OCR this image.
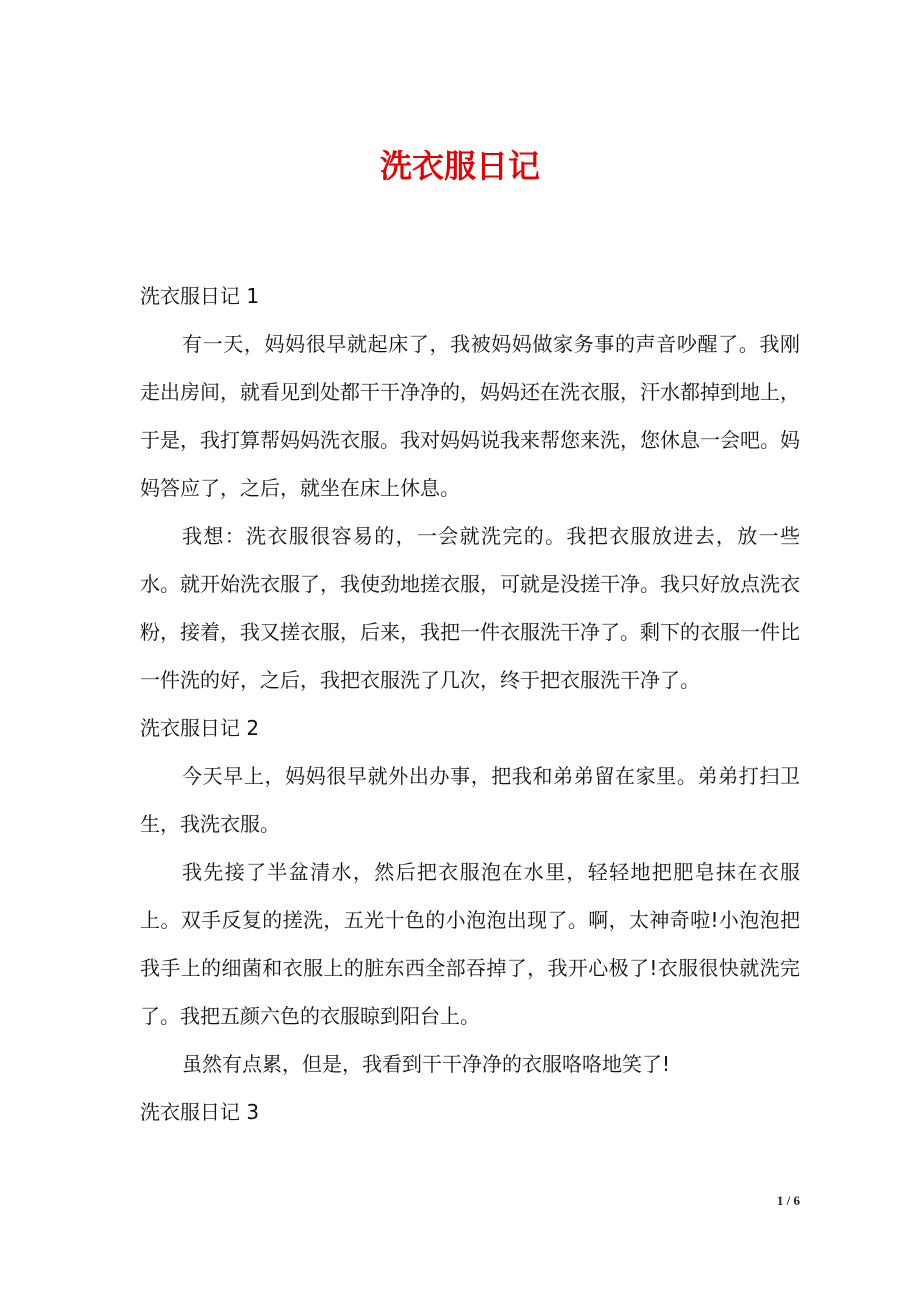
洗衣服日记

洗衣服日记 1

有一天，妈妈很早就起床了，我被妈妈做家务事的声音吵醒了。我刚走出房间，就看见到处都干干净净的，妈妈还在洗衣服，汗水都掉到地上，于是，我打算帮妈妈洗衣服。我对妈妈说我来帮您来洗，您休息一会吧。妈妈答应了，之后，就坐在床上休息。

我想：洗衣服很容易的，一会就洗完的。我把衣服放进去，放一些水。就开始洗衣服了，我使劲地搓衣服，可就是没搓干净。我只好放点洗衣粉，接着，我又搓衣服，后来，我把一件衣服洗干净了。剩下的衣服一件比一件洗的好，之后，我把衣服洗了几次，终于把衣服洗干净了。

洗衣服日记 2

今天早上，妈妈很早就外出办事，把我和弟弟留在家里。弟弟打扫卫生，我洗衣服。

我先接了半盆清水，然后把衣服泡在水里，轻轻地把肥皂抹在衣服上。双手反复的搓洗，五光十色的小泡泡出现了。啊，太神奇啦!小泡泡把我手上的细菌和衣服上的脏东西全部吞掉了，我开心极了!衣服很快就洗完了。我把五颜六色的衣服晾到阳台上。

虽然有点累，但是，我看到干干净净的衣服咯咯地笑了!

洗衣服日记 3

1 / 6
